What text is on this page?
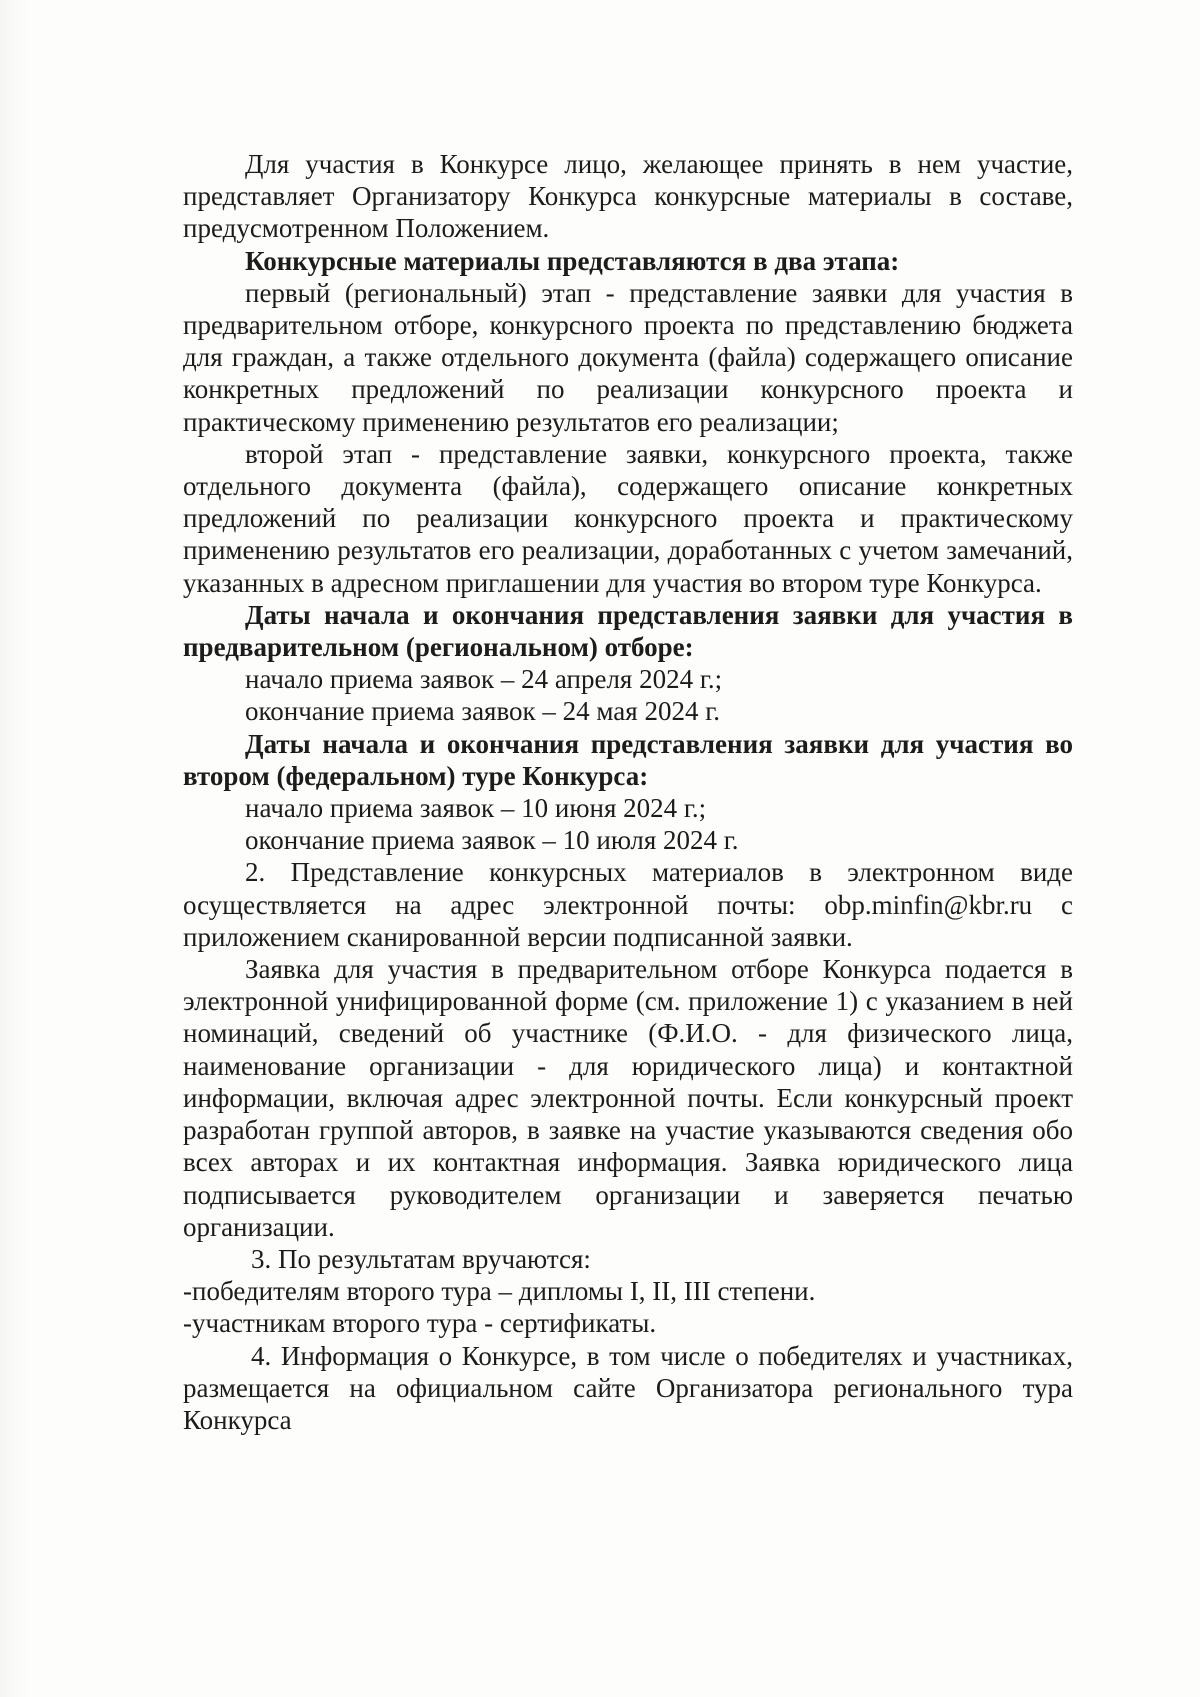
Для участия в Конкурсе лицо, желающее принять в нем участие, представляет Организатору Конкурса конкурсные материалы в составе, предусмотренном Положением.

Конкурсные материалы представляются в два этапа:

первый (региональный) этап - представление заявки для участия в предварительном отборе, конкурсного проекта по представлению бюджета для граждан, а также отдельного документа (файла) содержащего описание конкретных предложений по реализации конкурсного проекта и практическому применению результатов его реализации;

второй этап - представление заявки, конкурсного проекта, также отдельного документа (файла), содержащего описание конкретных предложений по реализации конкурсного проекта и практическому применению результатов его реализации, доработанных с учетом замечаний, указанных в адресном приглашении для участия во втором туре Конкурса.

Даты начала и окончания представления заявки для участия в предварительном (региональном) отборе:

начало приема заявок – 24 апреля 2024 г.;

окончание приема заявок – 24 мая 2024 г.

Даты начала и окончания представления заявки для участия во втором (федеральном) туре Конкурса:

начало приема заявок – 10 июня 2024 г.;

окончание приема заявок – 10 июля 2024 г.

2. Представление конкурсных материалов в электронном виде осуществляется на адрес электронной почты: obp.minfin@kbr.ru с приложением сканированной версии подписанной заявки.

Заявка для участия в предварительном отборе Конкурса подается в электронной унифицированной форме (см. приложение 1) с указанием в ней номинаций, сведений об участнике (Ф.И.О. - для физического лица, наименование организации - для юридического лица) и контактной информации, включая адрес электронной почты. Если конкурсный проект разработан группой авторов, в заявке на участие указываются сведения обо всех авторах и их контактная информация. Заявка юридического лица подписывается руководителем организации и заверяется печатью организации.

3. По результатам вручаются:

-победителям второго тура – дипломы I, II, III степени.

-участникам второго тура - сертификаты.

4. Информация о Конкурсе, в том числе о победителях и участниках, размещается на официальном сайте Организатора регионального тура Конкурса
